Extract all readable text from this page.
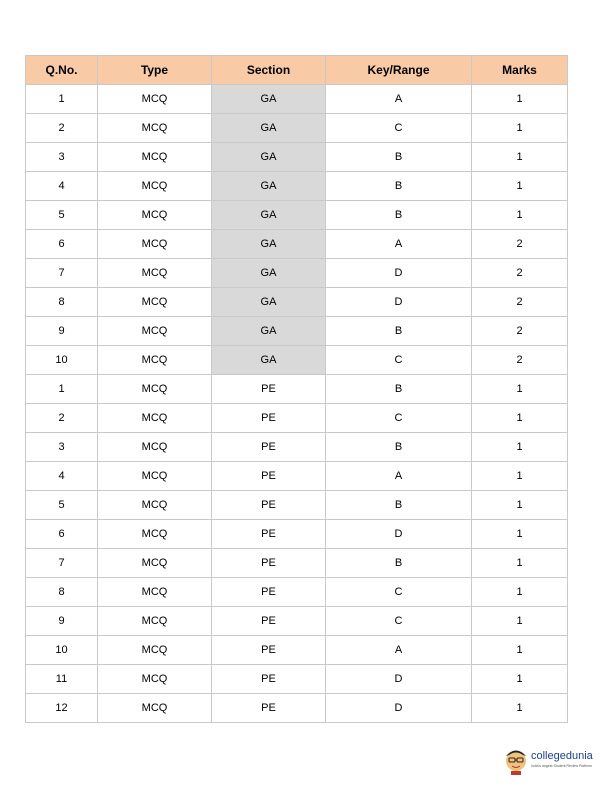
Q.No.	Type	Section	Key/Range	Marks
1	MCQ	GA	A	1
2	MCQ	GA	C	1
3	MCQ	GA	B	1
4	MCQ	GA	B	1
5	MCQ	GA	B	1
6	MCQ	GA	A	2
7	MCQ	GA	D	2
8	MCQ	GA	D	2
9	MCQ	GA	B	2
10	MCQ	GA	C	2
1	MCQ	PE	B	1
2	MCQ	PE	C	1
3	MCQ	PE	B	1
4	MCQ	PE	A	1
5	MCQ	PE	B	1
6	MCQ	PE	D	1
7	MCQ	PE	B	1
8	MCQ	PE	C	1
9	MCQ	PE	C	1
10	MCQ	PE	A	1
11	MCQ	PE	D	1
12	MCQ	PE	D	1
collegedunia
India's largest Student Review Platform
